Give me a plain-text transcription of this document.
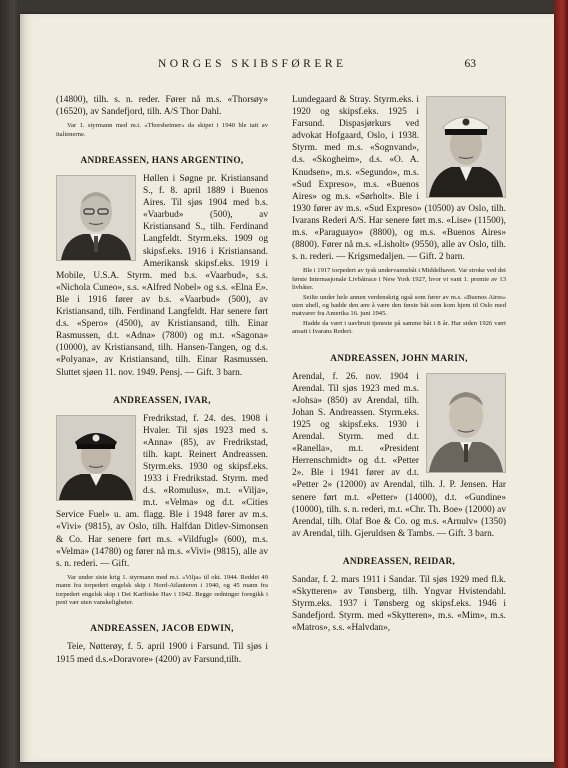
NORGES SKIBSFØRERE	63

(14800), tilh. s. n. reder. Fører nå m.s. «Thorsøy» (16520), av Sandefjord, tilh. A/S Thor Dahl.

Var 1. styrmann med m.t. «Thorsheimer» da skipet i 1940 ble tatt av italienerne.

ANDREASSEN, HANS ARGENTINO,

Høllen i Søgne pr. Kristiansand S., f. 8. april 1889 i Buenos Aires. Til sjøs 1904 med b.s. «Vaarbud» (500), av Kristiansand S., tilh. Ferdinand Langfeldt. Styrm.eks. 1909 og skipsf.eks. 1916 i Kristiansand. Amerikansk skipsf.eks. 1919 i Mobile, U.S.A. Styrm. med b.s. «Vaarbud», s.s. «Nichola Cuneo», s.s. «Alfred Nobel» og s.s. «Elna E». Ble i 1916 fører av b.s. «Vaarbud» (500), av Kristiansand, tilh. Ferdinand Langfeldt. Har senere ført d.s. «Spero» (4500), av Kristiansand, tilh. Einar Rasmussen, d.t. «Adna» (7800) og m.t. «Sagona» (10000), av Kristiansand, tilh. Hansen-Tangen, og d.s. «Polyana», av Kristiansand, tilh. Einar Rasmussen. Sluttet sjøen 11. nov. 1949. Pensj. — Gift. 3 barn.

ANDREASSEN, IVAR,

Fredrikstad, f. 24. des. 1908 i Hvaler. Til sjøs 1923 med s. «Anna» (85), av Fredrikstad, tilh. kapt. Reinert Andreassen. Styrm.eks. 1930 og skipsf.eks. 1933 i Fredrikstad. Styrm. med d.s. «Romulus», m.t. «Vilja», m.t. «Velma» og d.t. «Cities Service Fuel» u. am. flagg. Ble i 1948 fører av m.s. «Vivi» (9815), av Oslo, tilh. Halfdan Ditlev-Simonsen & Co. Har senere ført m.s. «Vildfugl» (600), m.s. «Velma» (14780) og fører nå m.s. «Vivi» (9815), alle av s. n. rederi. — Gift.

Var under siste krig 1. styrmann med m.t. «Vilja» til okt. 1944. Reddet 49 mann fra torpedert engelsk skip i Nord-Atlanteren i 1940, og 45 mann fra torpedert engelsk skip i Det Karibiske Hav i 1942. Begge redninger foregikk i penï vær uten vanskeligheter.

ANDREASSEN, JACOB EDWIN,

Teie, Nøtterøy, f. 5. april 1900 i Farsund. Til sjøs i 1915 med d.s.«Doravore» (4200) av Farsund,tilh.

Lundegaard & Stray. Styrm.eks. i 1920 og skipsf.eks. 1925 i Farsund. Dispasjørkurs ved advokat Hofgaard, Oslo, i 1938. Styrm. med m.s. «Sognvand», d.s. «Skogheim», d.s. «O. A. Knudsen», m.s. «Segundo», m.s. «Sud Expreso», m.s. «Buenos Aires» og m.s. «Sørholt». Ble i 1930 fører av m.s. «Sud Expreso» (10500) av Oslo, tilh. Ivarans Rederi A/S. Har senere ført m.s. «Lise» (11500), m.s. «Paraguayo» (8800), og m.s. «Buenos Aires» (8800). Fører nå m.s. «Lisholt» (9550), alle av Oslo, tilh. s. n. rederi. — Krigsmedaljen. — Gift. 2 barn.

Ble i 1917 torpedert av tysk undervannsbåt i Middelhavet. Var stroke ved det første Internasjonale Livbåtrace i New York 1927, hvor vi vant 1. premie av 13 livbåter.

Seilte under hele annen verdenskrig også som fører av m.s. «Buenos Aires» uten uhell, og hadde den ære å være den første båt som kom hjem til Oslo med matvarer fra Amerika 16. juni 1945.

Hadde da vært i uavbrutt tjeneste på samme båt i 8 år. Har siden 1926 vært ansatt i Ivarans Rederi.

ANDREASSEN, JOHN MARIN,

Arendal, f. 26. nov. 1904 i Arendal. Til sjøs 1923 med m.s. «Johsa» (850) av Arendal, tilh. Johan S. Andreassen. Styrm.eks. 1925 og skipsf.eks. 1930 i Arendal. Styrm. med d.t. «Ranella», m.t. «President Herrenschmidt» og d.t. «Petter 2». Ble i 1941 fører av d.t. «Petter 2» (12000) av Arendal, tilh. J. P. Jensen. Har senere ført m.t. «Petter» (14000), d.t. «Gundine» (10000), tilh. s. n. rederi, m.t. «Chr. Th. Boe» (12000) av Arendal, tilh. Olaf Boe & Co. og m.s. «Arnulv» (1350) av Arendal, tilh. Gjeruldsen & Tambs. — Gift. 3 barn.

ANDREASSEN, REIDAR,

Sandar, f. 2. mars 1911 i Sandar. Til sjøs 1929 med fl.k. «Skytteren» av Tønsberg, tilh. Yngvar Hvistendahl. Styrm.eks. 1937 i Tønsberg og skipsf.eks. 1946 i Sandefjord. Styrm. med «Skytteren», m.s. «Mim», m.s. «Matros», s.s. «Halvdan»,
